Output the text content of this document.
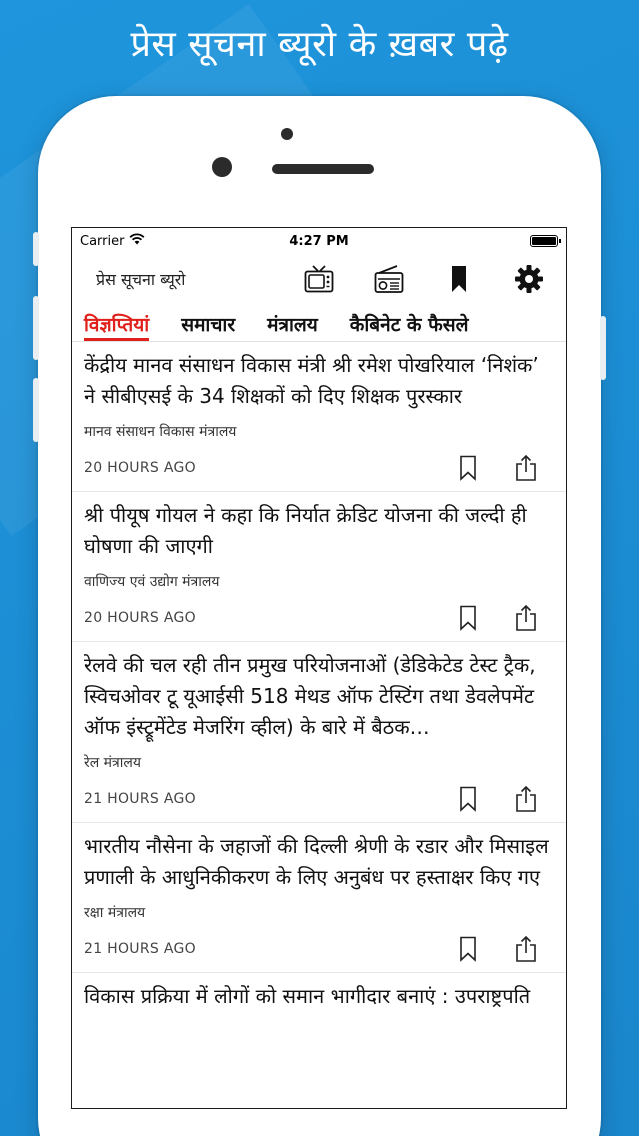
प्रेस सूचना ब्यूरो के ख़बर पढ़े
Carrier	4:27 PM
प्रेस सूचना ब्यूरो
विज्ञप्तियां समाचार मंत्रालय कैबिनेट के फैसले
केंद्रीय मानव संसाधन विकास मंत्री श्री रमेश पोखरियाल ‘निशंक’ ने सीबीएसई के 34 शिक्षकों को दिए शिक्षक पुरस्कार
मानव संसाधन विकास मंत्रालय
20 HOURS AGO
श्री पीयूष गोयल ने कहा कि निर्यात क्रेडिट योजना की जल्दी ही घोषणा की जाएगी
वाणिज्य एवं उद्योग मंत्रालय
20 HOURS AGO
रेलवे की चल रही तीन प्रमुख परियोजनाओं (डेडिकेटेड टेस्ट ट्रैक, स्विचओवर टू यूआईसी 518 मेथड ऑफ टेस्टिंग तथा डेवलेपमेंट ऑफ इंस्ट्रूमेंटेड मेजरिंग व्हील) के बारे में बैठक…
रेल मंत्रालय
21 HOURS AGO
भारतीय नौसेना के जहाजों की दिल्ली श्रेणी के रडार और मिसाइल प्रणाली के आधुनिकीकरण के लिए अनुबंध पर हस्ताक्षर किए गए
रक्षा मंत्रालय
21 HOURS AGO
विकास प्रक्रिया में लोगों को समान भागीदार बनाएं : उपराष्ट्रपति
